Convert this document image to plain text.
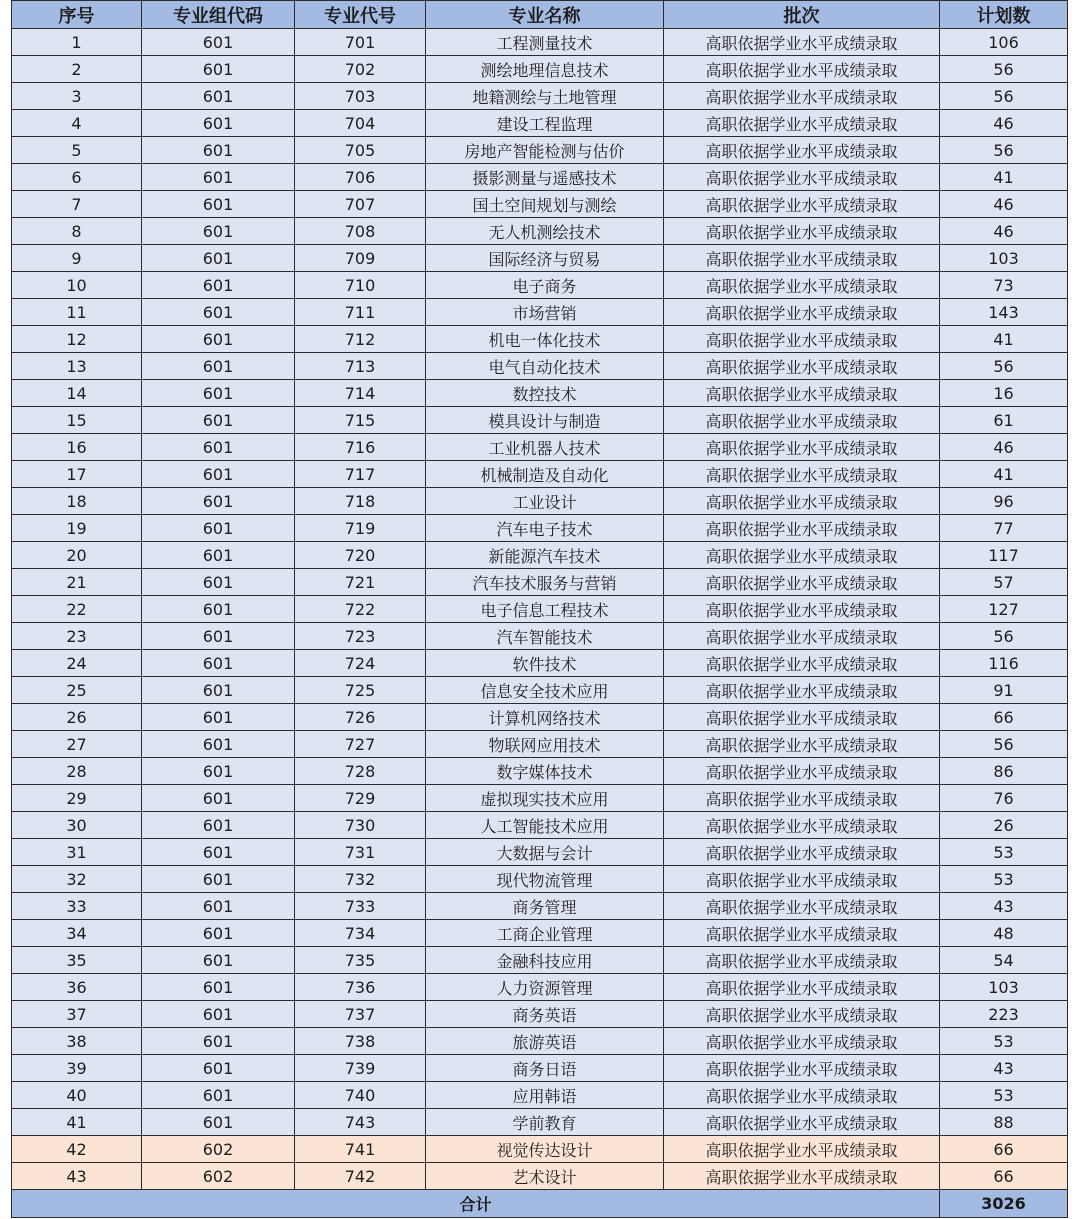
序号	专业组代码	专业代号	专业名称	批次	计划数
1	601	701	工程测量技术	高职依据学业水平成绩录取	106
2	601	702	测绘地理信息技术	高职依据学业水平成绩录取	56
3	601	703	地籍测绘与土地管理	高职依据学业水平成绩录取	56
4	601	704	建设工程监理	高职依据学业水平成绩录取	46
5	601	705	房地产智能检测与估价	高职依据学业水平成绩录取	56
6	601	706	摄影测量与遥感技术	高职依据学业水平成绩录取	41
7	601	707	国土空间规划与测绘	高职依据学业水平成绩录取	46
8	601	708	无人机测绘技术	高职依据学业水平成绩录取	46
9	601	709	国际经济与贸易	高职依据学业水平成绩录取	103
10	601	710	电子商务	高职依据学业水平成绩录取	73
11	601	711	市场营销	高职依据学业水平成绩录取	143
12	601	712	机电一体化技术	高职依据学业水平成绩录取	41
13	601	713	电气自动化技术	高职依据学业水平成绩录取	56
14	601	714	数控技术	高职依据学业水平成绩录取	16
15	601	715	模具设计与制造	高职依据学业水平成绩录取	61
16	601	716	工业机器人技术	高职依据学业水平成绩录取	46
17	601	717	机械制造及自动化	高职依据学业水平成绩录取	41
18	601	718	工业设计	高职依据学业水平成绩录取	96
19	601	719	汽车电子技术	高职依据学业水平成绩录取	77
20	601	720	新能源汽车技术	高职依据学业水平成绩录取	117
21	601	721	汽车技术服务与营销	高职依据学业水平成绩录取	57
22	601	722	电子信息工程技术	高职依据学业水平成绩录取	127
23	601	723	汽车智能技术	高职依据学业水平成绩录取	56
24	601	724	软件技术	高职依据学业水平成绩录取	116
25	601	725	信息安全技术应用	高职依据学业水平成绩录取	91
26	601	726	计算机网络技术	高职依据学业水平成绩录取	66
27	601	727	物联网应用技术	高职依据学业水平成绩录取	56
28	601	728	数字媒体技术	高职依据学业水平成绩录取	86
29	601	729	虚拟现实技术应用	高职依据学业水平成绩录取	76
30	601	730	人工智能技术应用	高职依据学业水平成绩录取	26
31	601	731	大数据与会计	高职依据学业水平成绩录取	53
32	601	732	现代物流管理	高职依据学业水平成绩录取	53
33	601	733	商务管理	高职依据学业水平成绩录取	43
34	601	734	工商企业管理	高职依据学业水平成绩录取	48
35	601	735	金融科技应用	高职依据学业水平成绩录取	54
36	601	736	人力资源管理	高职依据学业水平成绩录取	103
37	601	737	商务英语	高职依据学业水平成绩录取	223
38	601	738	旅游英语	高职依据学业水平成绩录取	53
39	601	739	商务日语	高职依据学业水平成绩录取	43
40	601	740	应用韩语	高职依据学业水平成绩录取	53
41	601	743	学前教育	高职依据学业水平成绩录取	88
42	602	741	视觉传达设计	高职依据学业水平成绩录取	66
43	602	742	艺术设计	高职依据学业水平成绩录取	66
合计					3026
